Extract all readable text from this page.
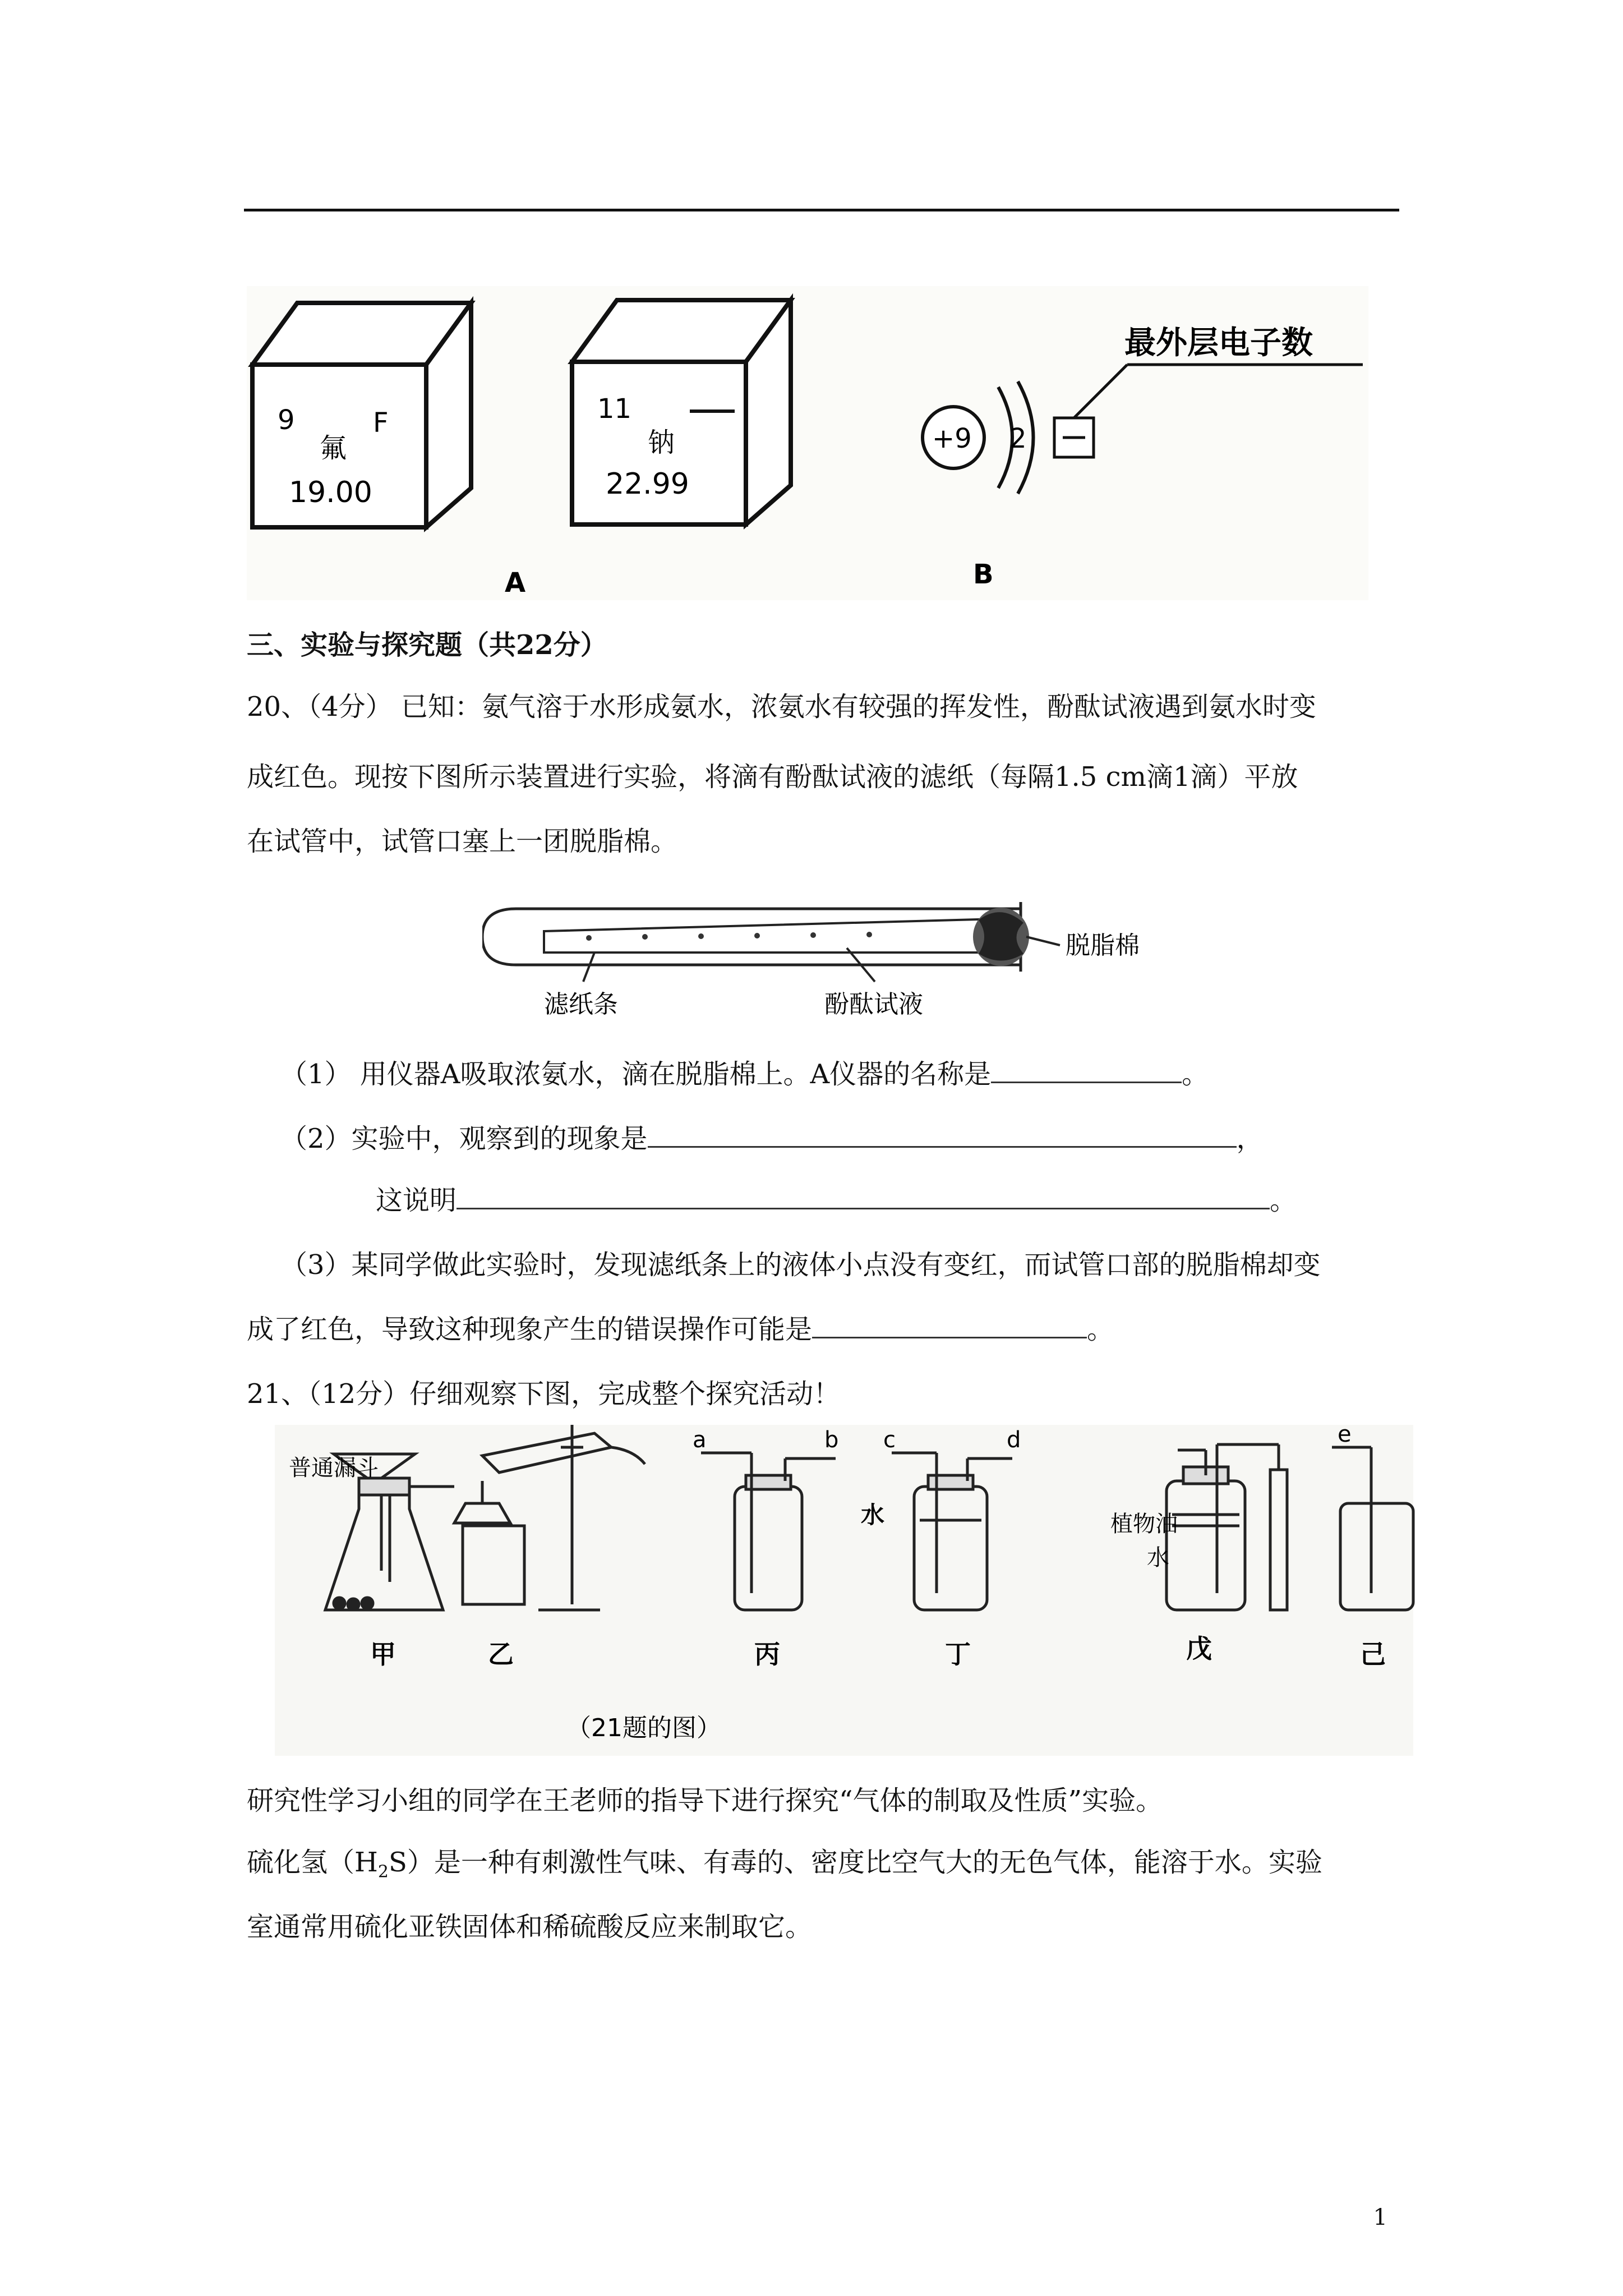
9	F
氟
19.00
11
钠
22.99
+9 2
最外层电子数
A	B
三、实验与探究题（共22分）
20、（4分） 已知：氨气溶于水形成氨水，浓氨水有较强的挥发性，酚酞试液遇到氨水时变
成红色。现按下图所示装置进行实验，将滴有酚酞试液的滤纸（每隔1.5 cm滴1滴）平放
在试管中，试管口塞上一团脱脂棉。
脱脂棉
滤纸条	酚酞试液
（1） 用仪器A吸取浓氨水，滴在脱脂棉上。A仪器的名称是	。
（2）实验中，观察到的现象是	，
这说明	。
（3）某同学做此实验时，发现滤纸条上的液体小点没有变红，而试管口部的脱脂棉却变
成了红色，导致这种现象产生的错误操作可能是	。
21、（12分）仔细观察下图，完成整个探究活动！
普通漏斗
a	b c	d
水	植物油
水
e
甲	乙	丙	丁	戊	己
（21题的图）
研究性学习小组的同学在王老师的指导下进行探究“气体的制取及性质”实验。
硫化氢$(H_2S)$是一种有刺激性气味、有毒的、密度比空气大的无色气体，能溶于水。实验
室通常用硫化亚铁固体和稀硫酸反应来制取它。
1
